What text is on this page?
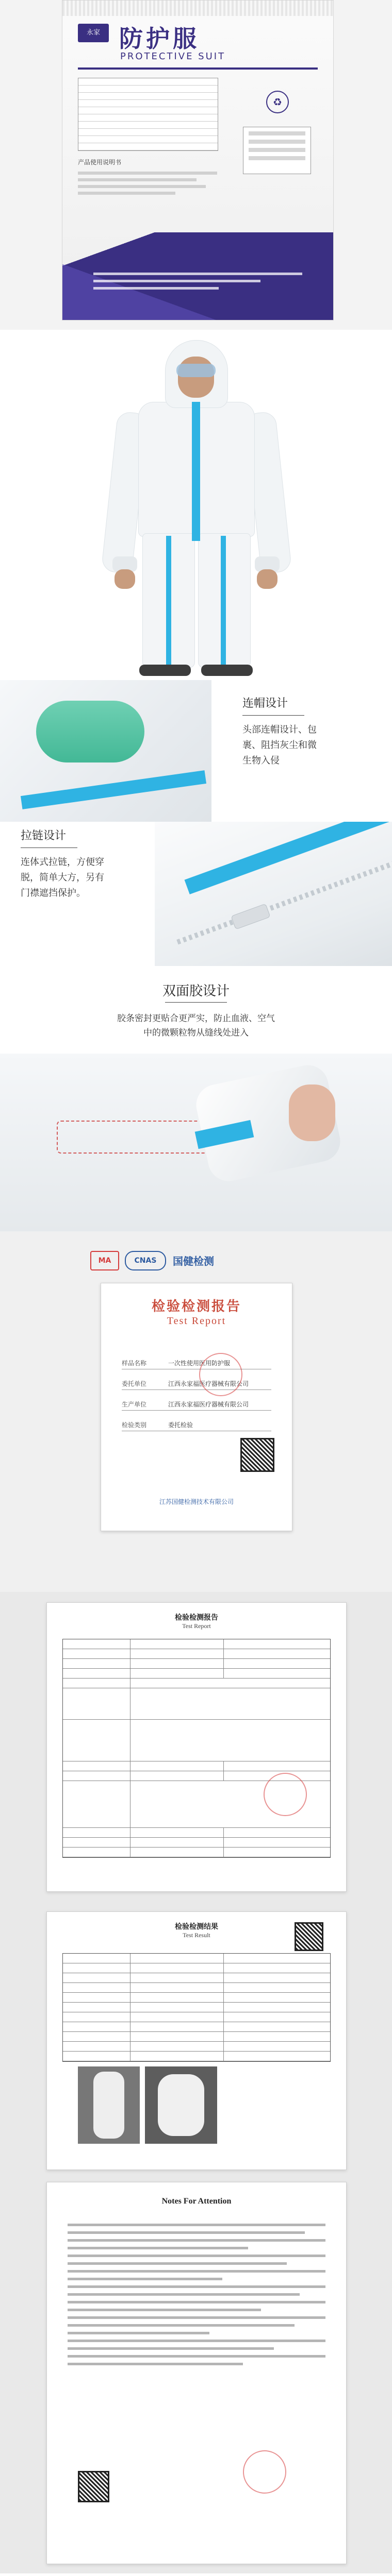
永家 防护服
PROTECTIVE SUIT
产品使用说明书
♻
连帽设计
头部连帽设计、包
裹、阻挡灰尘和微
生物入侵
拉链设计
连体式拉链，方便穿
脱，简单大方，另有
门襟遮挡保护。
双面胶设计
胶条密封更贴合更严实，防止血液、空气
中的微颗粒物从缝线处进入
MA	CNAS	国健检测
检验检测报告
Test Report
样品名称	一次性使用医用防护服
委托单位	江西永家福医疗器械有限公司
生产单位	江西永家福医疗器械有限公司
检验类别	委托检验
江苏国健检测技术有限公司
检验检测报告
Test Report
检验检测结果
Test Result
Notes For Attention
